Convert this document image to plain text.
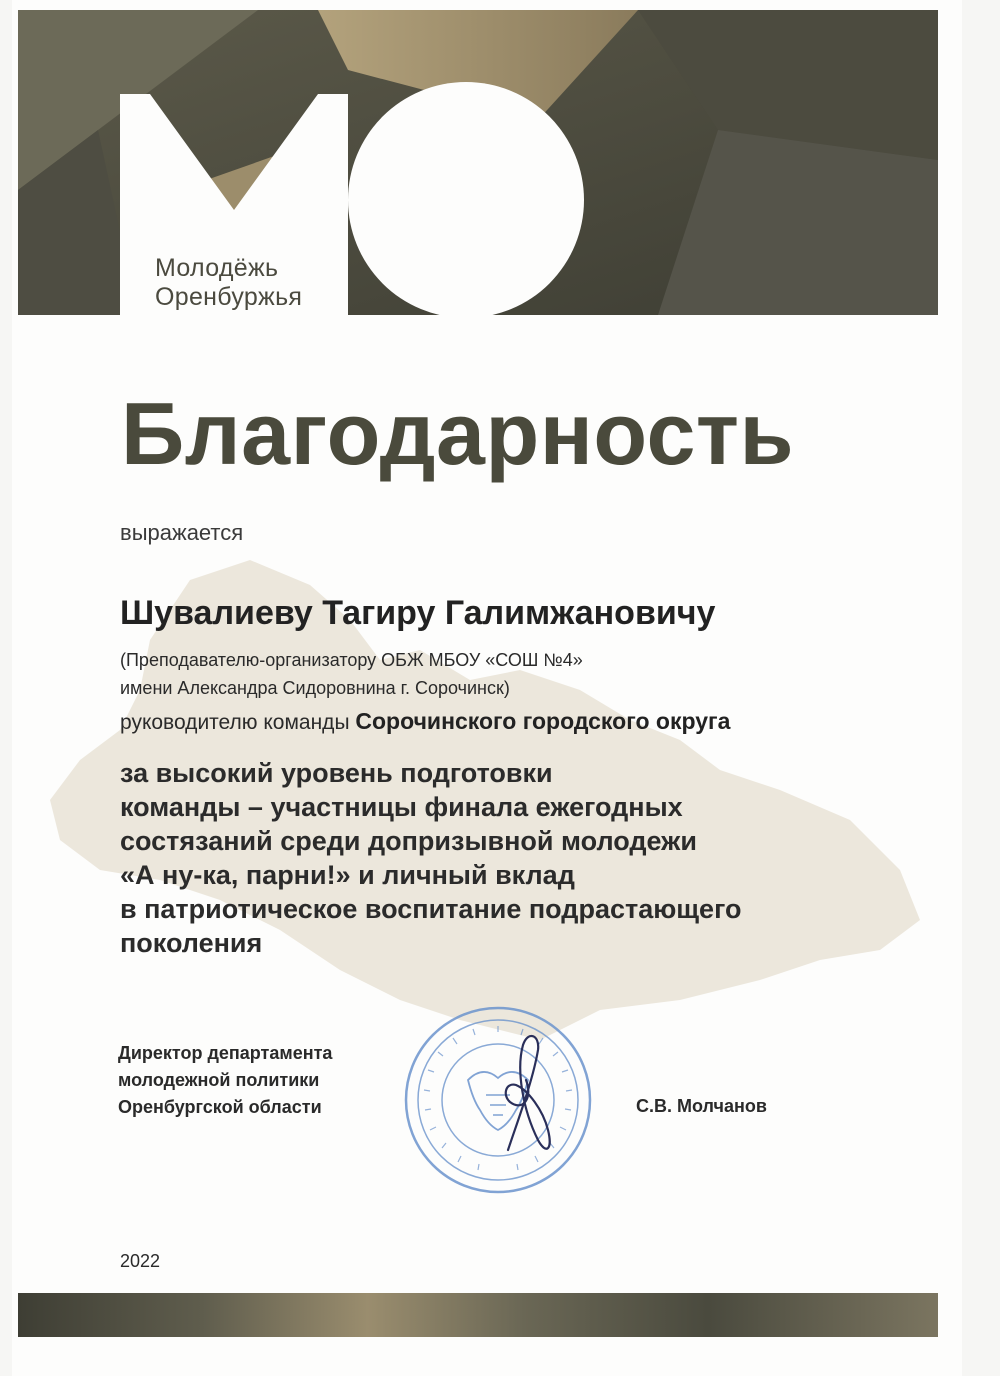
Молодёжь
Оренбуржья
Благодарность
выражается
Шувалиеву Тагиру Галимжановичу
(Преподавателю-организатору ОБЖ МБОУ «СОШ №4»
имени Александра Сидоровнина г. Сорочинск)
руководителю команды Сорочинского городского округа
за высокий уровень подготовки
команды – участницы финала ежегодных
состязаний среди допризывной молодежи
«А ну-ка, парни!» и личный вклад
в патриотическое воспитание подрастающего
поколения
Директор департамента
молодежной политики
Оренбургской области	С.В. Молчанов
2022
